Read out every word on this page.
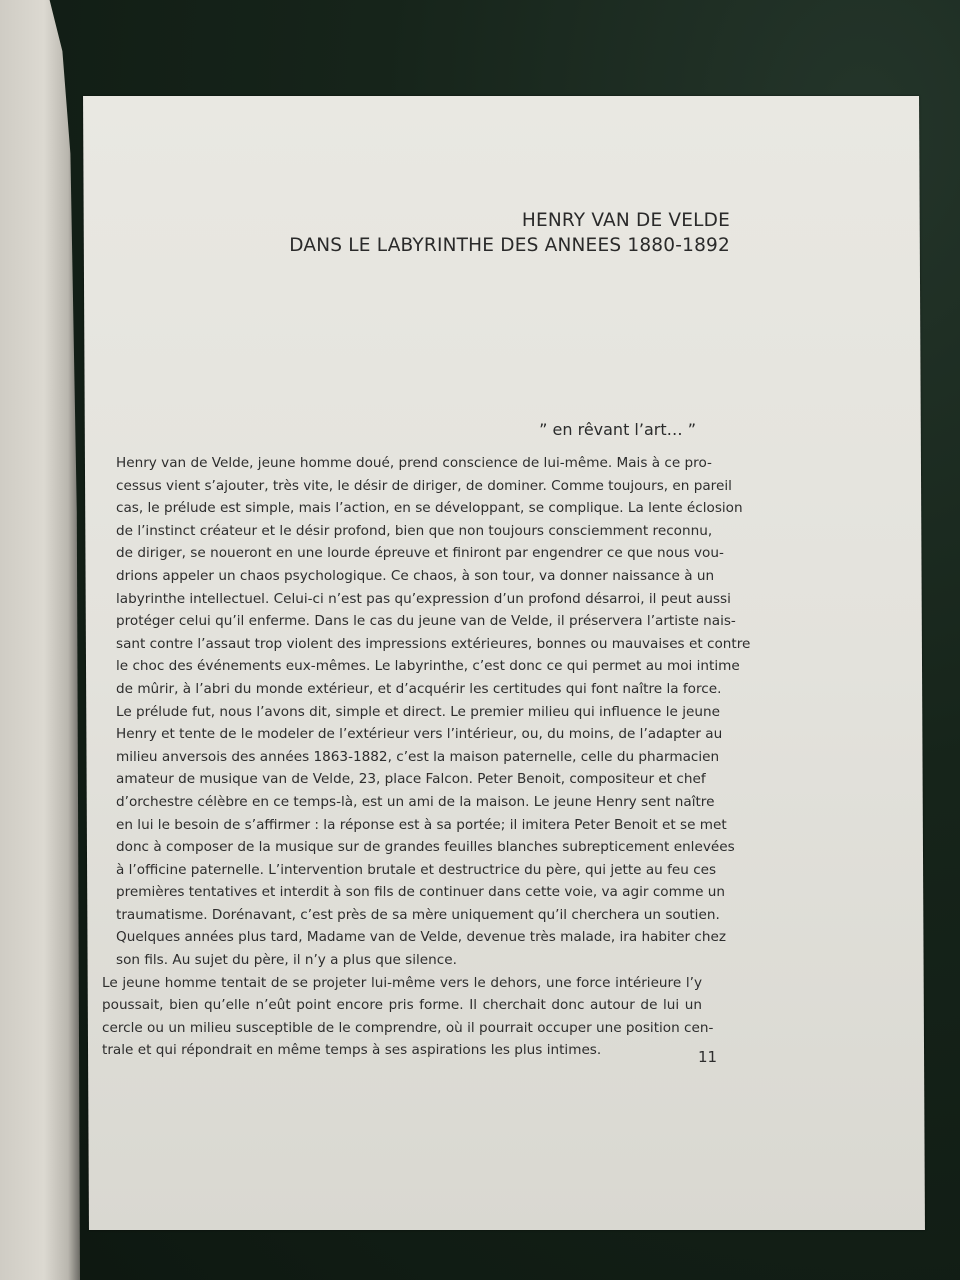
HENRY VAN DE VELDE
DANS LE LABYRINTHE DES ANNEES 1880-1892
” en rêvant l’art… ”

Henry van de Velde, jeune homme doué, prend conscience de lui-même. Mais à ce pro-
cessus vient s’ajouter, très vite, le désir de diriger, de dominer. Comme toujours, en pareil
cas, le prélude est simple, mais l’action, en se développant, se complique. La lente éclosion
de l’instinct créateur et le désir profond, bien que non toujours consciemment reconnu,
de diriger, se noueront en une lourde épreuve et finiront par engendrer ce que nous vou-
drions appeler un chaos psychologique. Ce chaos, à son tour, va donner naissance à un
labyrinthe intellectuel. Celui-ci n’est pas qu’expression d’un profond désarroi, il peut aussi
protéger celui qu’il enferme. Dans le cas du jeune van de Velde, il préservera l’artiste nais-
sant contre l’assaut trop violent des impressions extérieures, bonnes ou mauvaises et contre
le choc des événements eux-mêmes. Le labyrinthe, c’est donc ce qui permet au moi intime
de mûrir, à l’abri du monde extérieur, et d’acquérir les certitudes qui font naître la force.
Le prélude fut, nous l’avons dit, simple et direct. Le premier milieu qui influence le jeune
Henry et tente de le modeler de l’extérieur vers l’intérieur, ou, du moins, de l’adapter au
milieu anversois des années 1863-1882, c’est la maison paternelle, celle du pharmacien
amateur de musique van de Velde, 23, place Falcon. Peter Benoit, compositeur et chef
d’orchestre célèbre en ce temps-là, est un ami de la maison. Le jeune Henry sent naître
en lui le besoin de s’affirmer : la réponse est à sa portée; il imitera Peter Benoit et se met
donc à composer de la musique sur de grandes feuilles blanches subrepticement enlevées
à l’officine paternelle. L’intervention brutale et destructrice du père, qui jette au feu ces
premières tentatives et interdit à son fils de continuer dans cette voie, va agir comme un
traumatisme. Dorénavant, c’est près de sa mère uniquement qu’il cherchera un soutien.
Quelques années plus tard, Madame van de Velde, devenue très malade, ira habiter chez
son fils. Au sujet du père, il n’y a plus que silence.

Le jeune homme tentait de se projeter lui-même vers le dehors, une force intérieure l’y
poussait, bien qu’elle n’eût point encore pris forme. Il cherchait donc autour de lui un
cercle ou un milieu susceptible de le comprendre, où il pourrait occuper une position cen-
trale et qui répondrait en même temps à ses aspirations les plus intimes.	11
